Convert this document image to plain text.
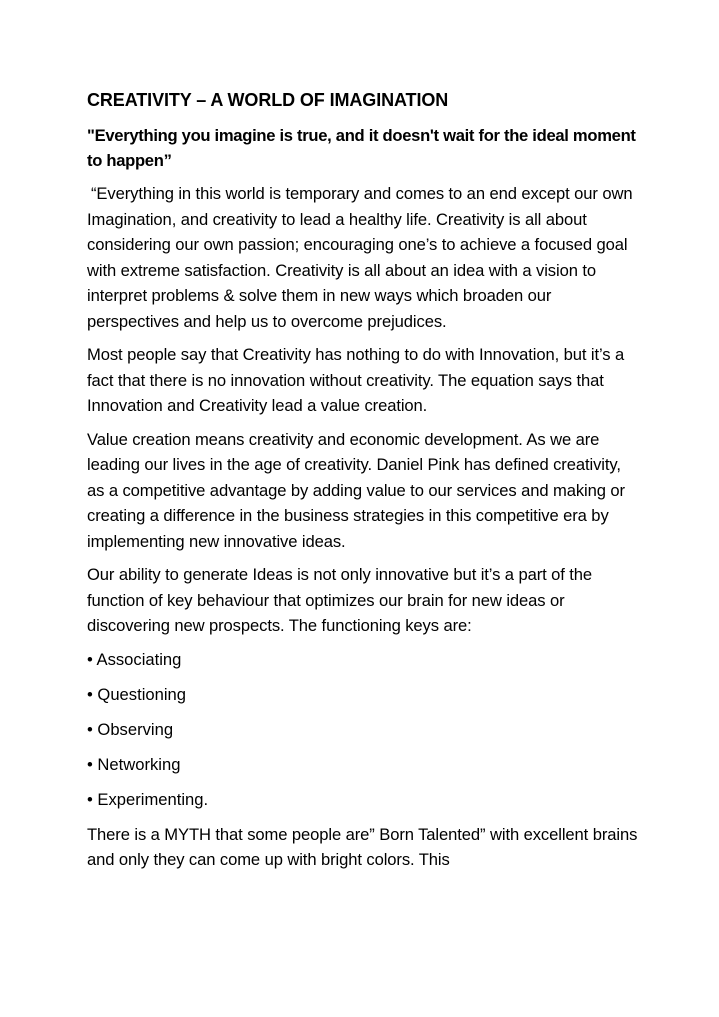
CREATIVITY – A WORLD OF IMAGINATION

"Everything you imagine is true, and it doesn't wait for the ideal moment to happen”

“Everything in this world is temporary and comes to an end except our own Imagination, and creativity to lead a healthy life. Creativity is all about considering our own passion; encouraging one’s to achieve a focused goal with extreme satisfaction. Creativity is all about an idea with a vision to interpret problems & solve them in new ways which broaden our perspectives and help us to overcome prejudices.

Most people say that Creativity has nothing to do with Innovation, but it’s a fact that there is no innovation without creativity. The equation says that Innovation and Creativity lead a value creation.

Value creation means creativity and economic development. As we are leading our lives in the age of creativity. Daniel Pink has defined creativity, as a competitive advantage by adding value to our services and making or creating a difference in the business strategies in this competitive era by implementing new innovative ideas.

Our ability to generate Ideas is not only innovative but it’s a part of the function of key behaviour that optimizes our brain for new ideas or discovering new prospects. The functioning keys are:

• Associating
• Questioning
• Observing
• Networking
• Experimenting.

There is a MYTH that some people are” Born Talented” with excellent brains and only they can come up with bright colors. This
